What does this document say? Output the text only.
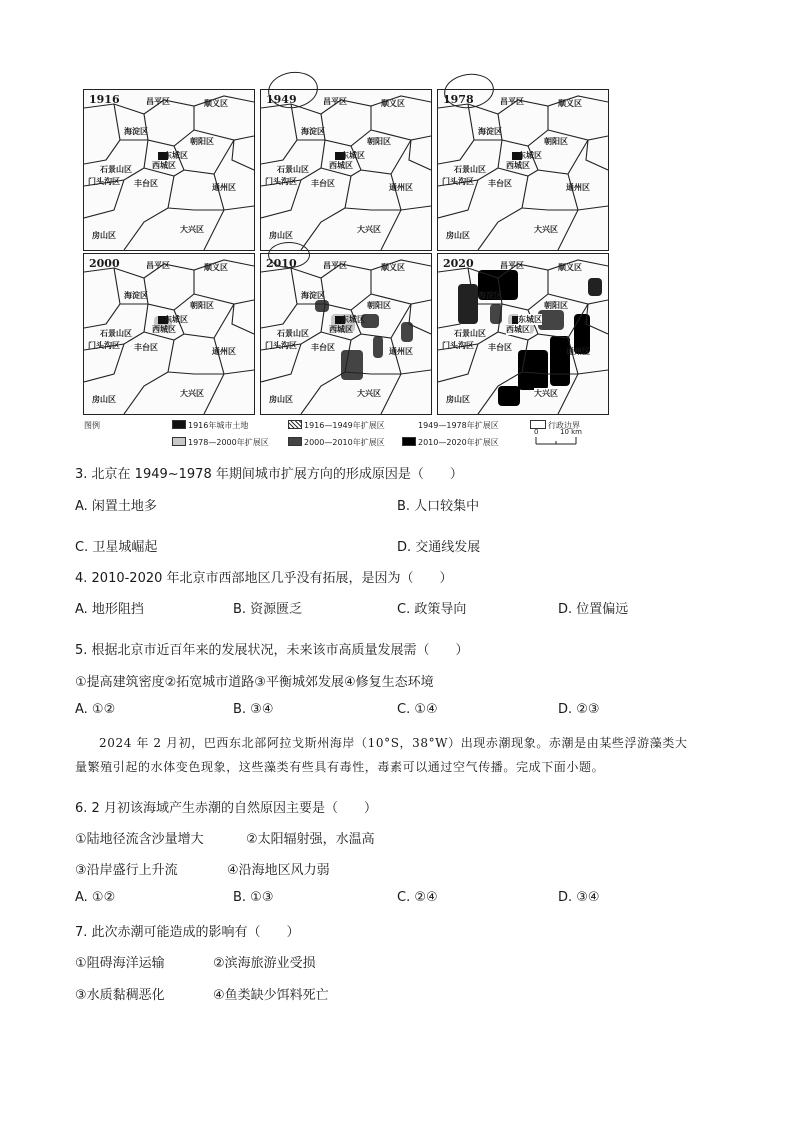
1916	昌平区	顺义区
海淀区
朝阳区
东城区
西城区
石景山区
门头沟区 丰台区	通州区
大兴区
房山区
1949	昌平区	顺义区
海淀区
朝阳区
东城区
西城区
石景山区
门头沟区 丰台区	通州区
大兴区
房山区
1978	昌平区	顺义区
海淀区
朝阳区
东城区
西城区
石景山区
门头沟区 丰台区	通州区
大兴区
房山区
2000	昌平区	顺义区
海淀区
朝阳区
东城区
西城区
石景山区
门头沟区 丰台区	通州区
大兴区
房山区
2010	昌平区	顺义区
海淀区
朝阳区
东城区
西城区
石景山区
门头沟区 丰台区	通州区
大兴区
房山区
2020	昌平区	顺义区
海淀区
朝阳区
东城区
西城区
石景山区
门头沟区 丰台区	通州区
大兴区
房山区
图例	1916年城市土地	1916—1949年扩展区	1949—1978年扩展区	行政边界
1978—2000年扩展区	2000—2010年扩展区	2010—2020年扩展区
0	10 km
3. 北京在 1949~1978 年期间城市扩展方向的形成原因是（　　）
A. 闲置土地多	B. 人口较集中
C. 卫星城崛起	D. 交通线发展
4. 2010-2020 年北京市西部地区几乎没有拓展，是因为（　　）
A. 地形阻挡	B. 资源匮乏	C. 政策导向	D. 位置偏远
5. 根据北京市近百年来的发展状况，未来该市高质量发展需（　　）
①提高建筑密度②拓宽城市道路③平衡城郊发展④修复生态环境
A. ①②	B. ③④	C. ①④	D. ②③
2024 年 2 月初，巴西东北部阿拉戈斯州海岸（10°S，38°W）出现赤潮现象。赤潮是由某些浮游藻类大
量繁殖引起的水体变色现象，这些藻类有些具有毒性，毒素可以通过空气传播。完成下面小题。
6. 2 月初该海域产生赤潮的自然原因主要是（　　）
①陆地径流含沙量增大	②太阳辐射强，水温高
③沿岸盛行上升流	④沿海地区风力弱
A. ①②	B. ①③	C. ②④	D. ③④
7. 此次赤潮可能造成的影响有（　　）
①阻碍海洋运输	②滨海旅游业受损
③水质黏稠恶化	④鱼类缺少饵料死亡
